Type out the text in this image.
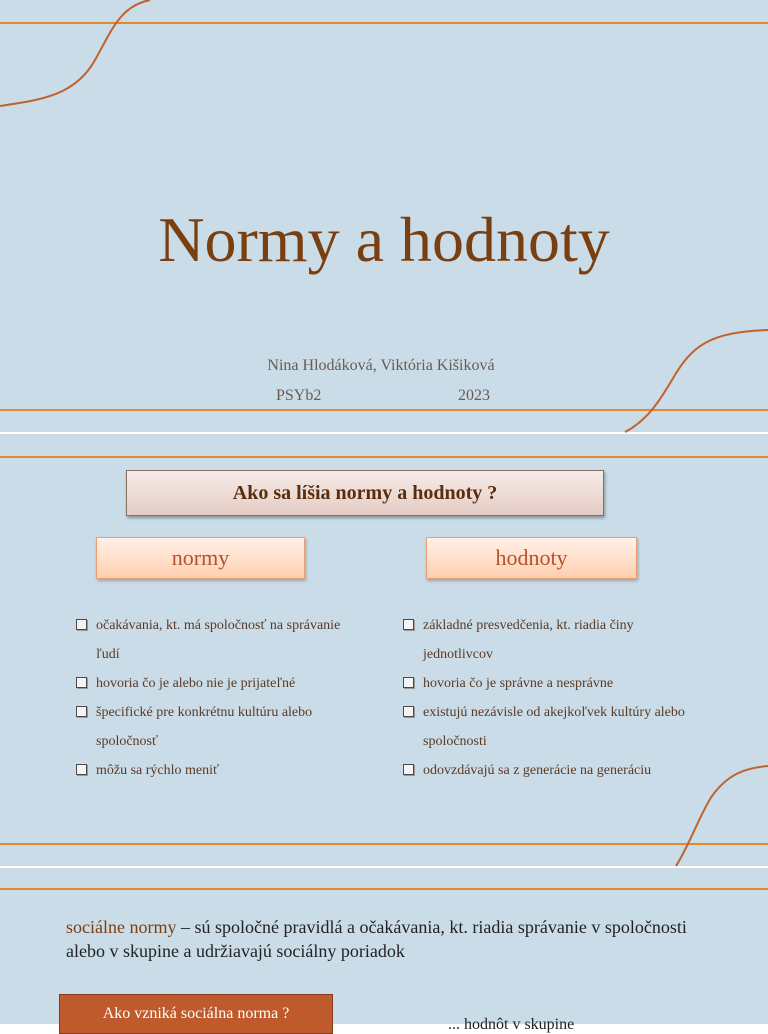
Normy a hodnoty
Nina Hlodáková, Viktória Kišiková
PSYb2	2023
Ako sa líšia normy a hodnoty ?
normy	hodnoty
očakávania, kt. má spoločnosť na správanie ľudí
hovoria čo je alebo nie je prijateľné
špecifické pre konkrétnu kultúru alebo spoločnosť
môžu sa rýchlo meniť
základné presvedčenia, kt. riadia činy jednotlivcov
hovoria čo je správne a nesprávne
existujú nezávisle od akejkoľvek kultúry alebo spoločnosti
odovzdávajú sa z generácie na generáciu
sociálne normy – sú spoločné pravidlá a očakávania, kt. riadia správanie v spoločnosti alebo v skupine a udržiavajú sociálny poriadok
Ako vzniká sociálna norma ?
... hodnôt v skupine
